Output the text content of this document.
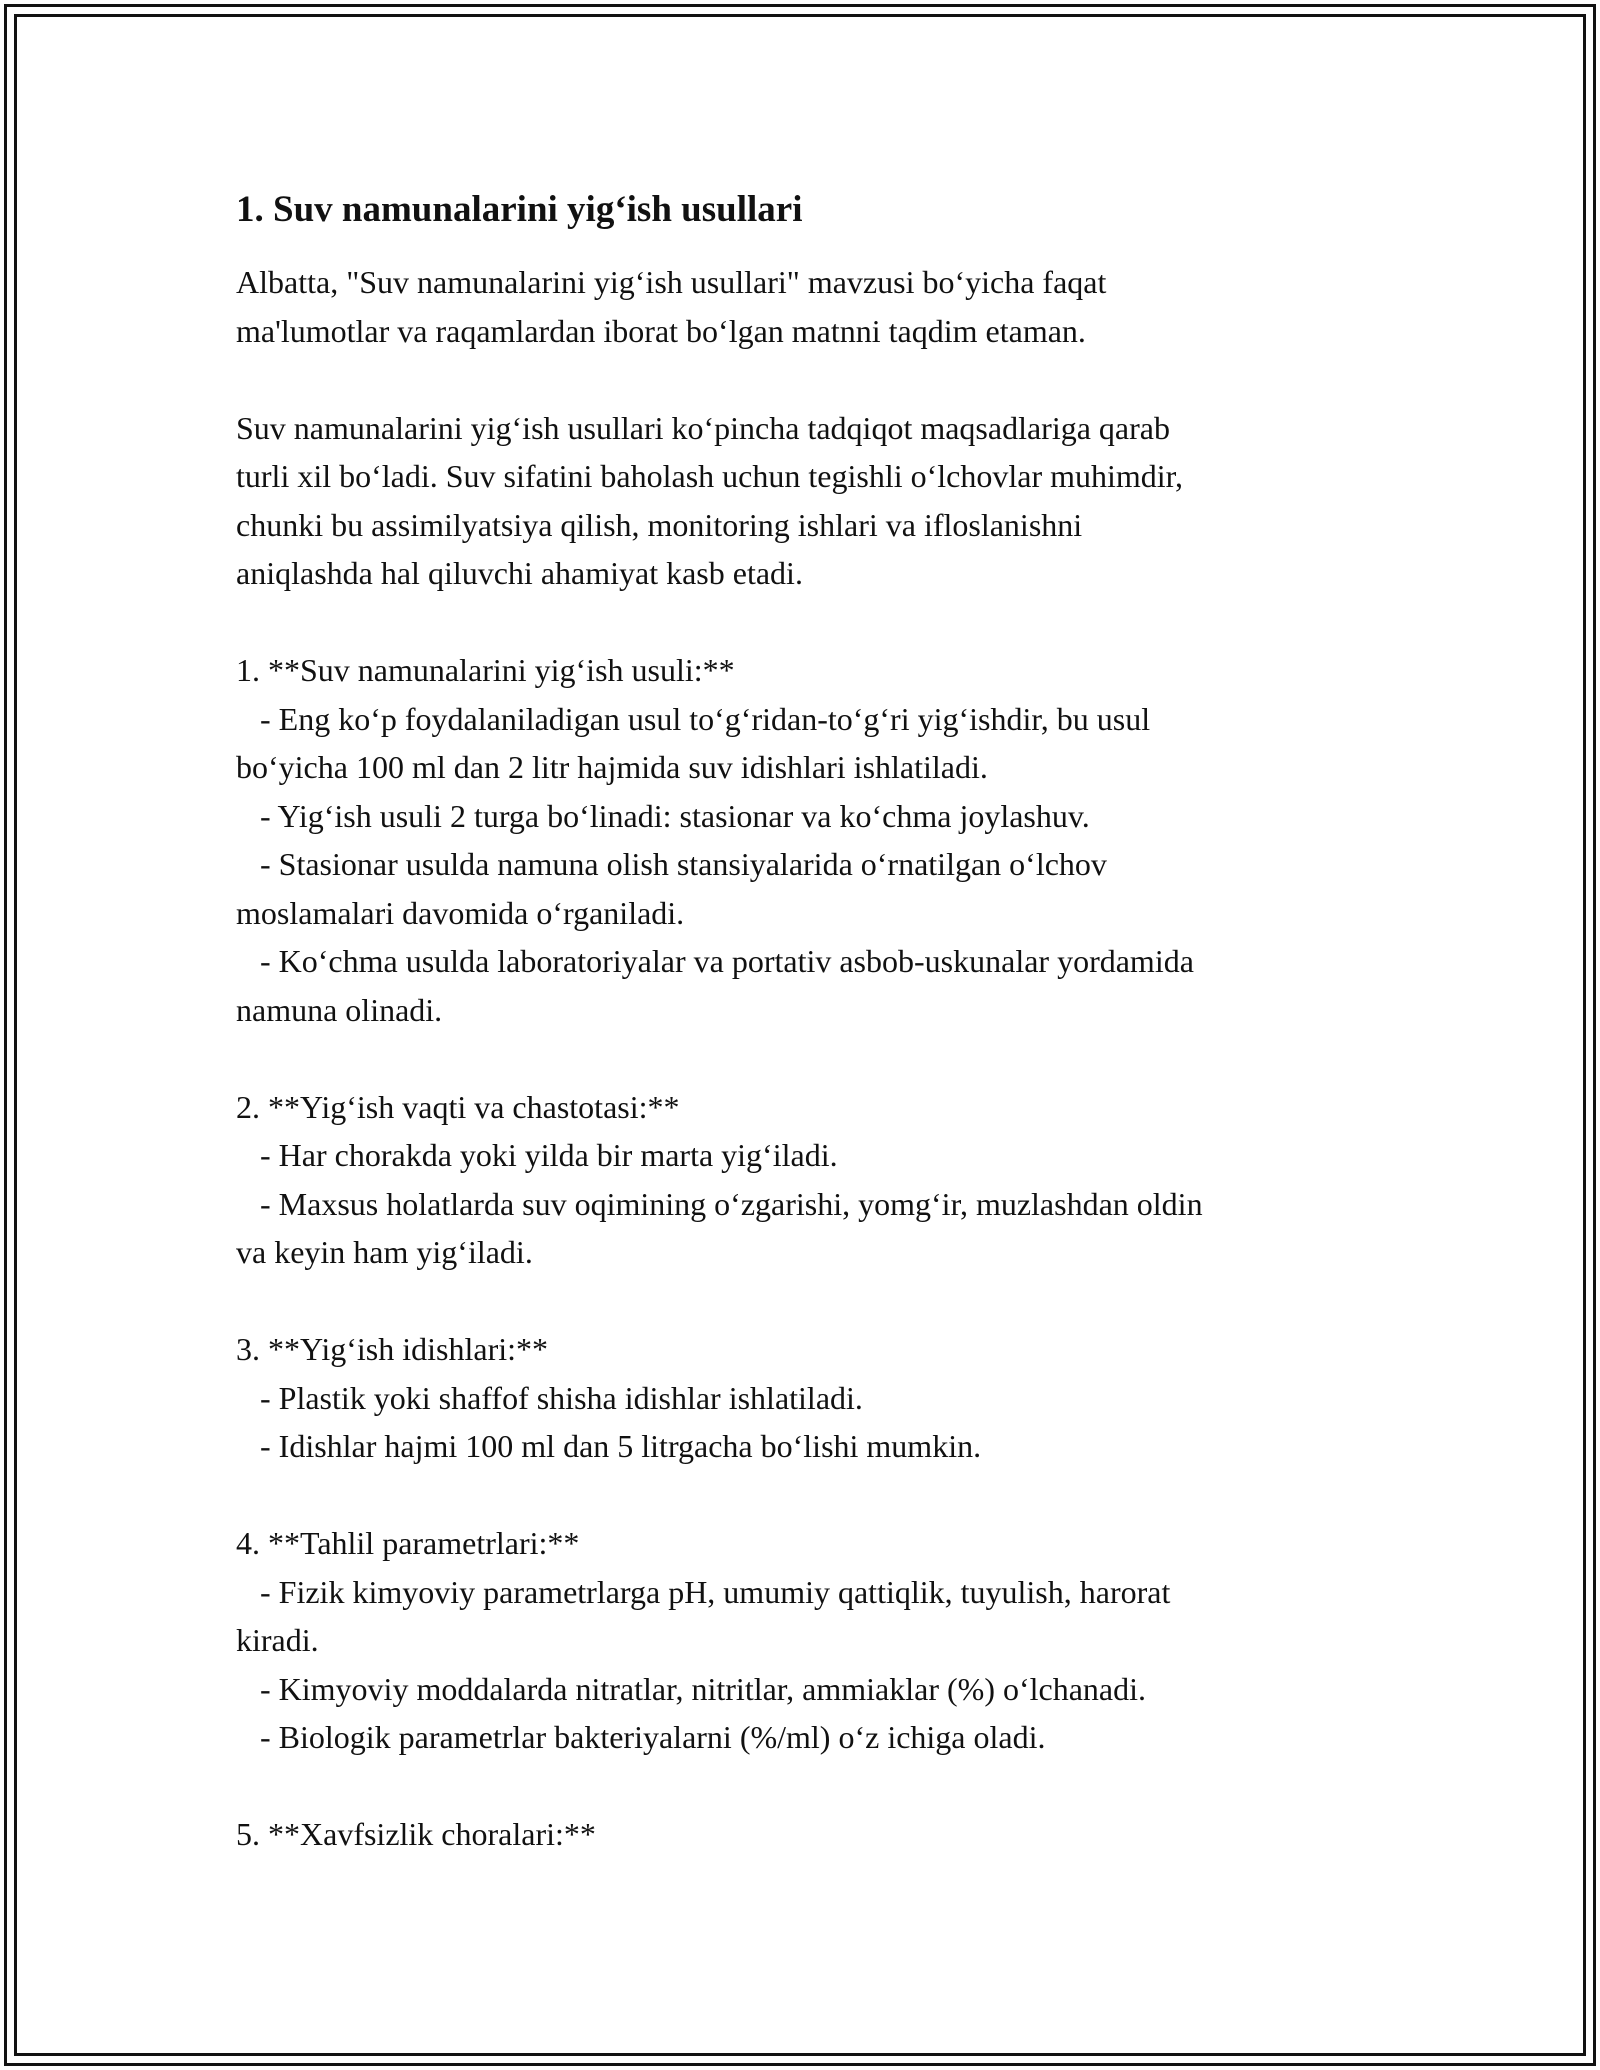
1. Suv namunalarini yig‘ish usullari

Albatta, "Suv namunalarini yig‘ish usullari" mavzusi bo‘yicha faqat
ma'lumotlar va raqamlardan iborat bo‘lgan matnni taqdim etaman.

Suv namunalarini yig‘ish usullari ko‘pincha tadqiqot maqsadlariga qarab
turli xil bo‘ladi. Suv sifatini baholash uchun tegishli o‘lchovlar muhimdir,
chunki bu assimilyatsiya qilish, monitoring ishlari va ifloslanishni
aniqlashda hal qiluvchi ahamiyat kasb etadi.

1. **Suv namunalarini yig‘ish usuli:**
- Eng ko‘p foydalaniladigan usul to‘g‘ridan-to‘g‘ri yig‘ishdir, bu usul
bo‘yicha 100 ml dan 2 litr hajmida suv idishlari ishlatiladi.
- Yig‘ish usuli 2 turga bo‘linadi: stasionar va ko‘chma joylashuv.
- Stasionar usulda namuna olish stansiyalarida o‘rnatilgan o‘lchov
moslamalari davomida o‘rganiladi.
- Ko‘chma usulda laboratoriyalar va portativ asbob-uskunalar yordamida
namuna olinadi.

2. **Yig‘ish vaqti va chastotasi:**
- Har chorakda yoki yilda bir marta yig‘iladi.
- Maxsus holatlarda suv oqimining o‘zgarishi, yomg‘ir, muzlashdan oldin
va keyin ham yig‘iladi.

3. **Yig‘ish idishlari:**
- Plastik yoki shaffof shisha idishlar ishlatiladi.
- Idishlar hajmi 100 ml dan 5 litrgacha bo‘lishi mumkin.

4. **Tahlil parametrlari:**
- Fizik kimyoviy parametrlarga pH, umumiy qattiqlik, tuyulish, harorat
kiradi.
- Kimyoviy moddalarda nitratlar, nitritlar, ammiaklar (%) o‘lchanadi.
- Biologik parametrlar bakteriyalarni (%/ml) o‘z ichiga oladi.

5. **Xavfsizlik choralari:**
